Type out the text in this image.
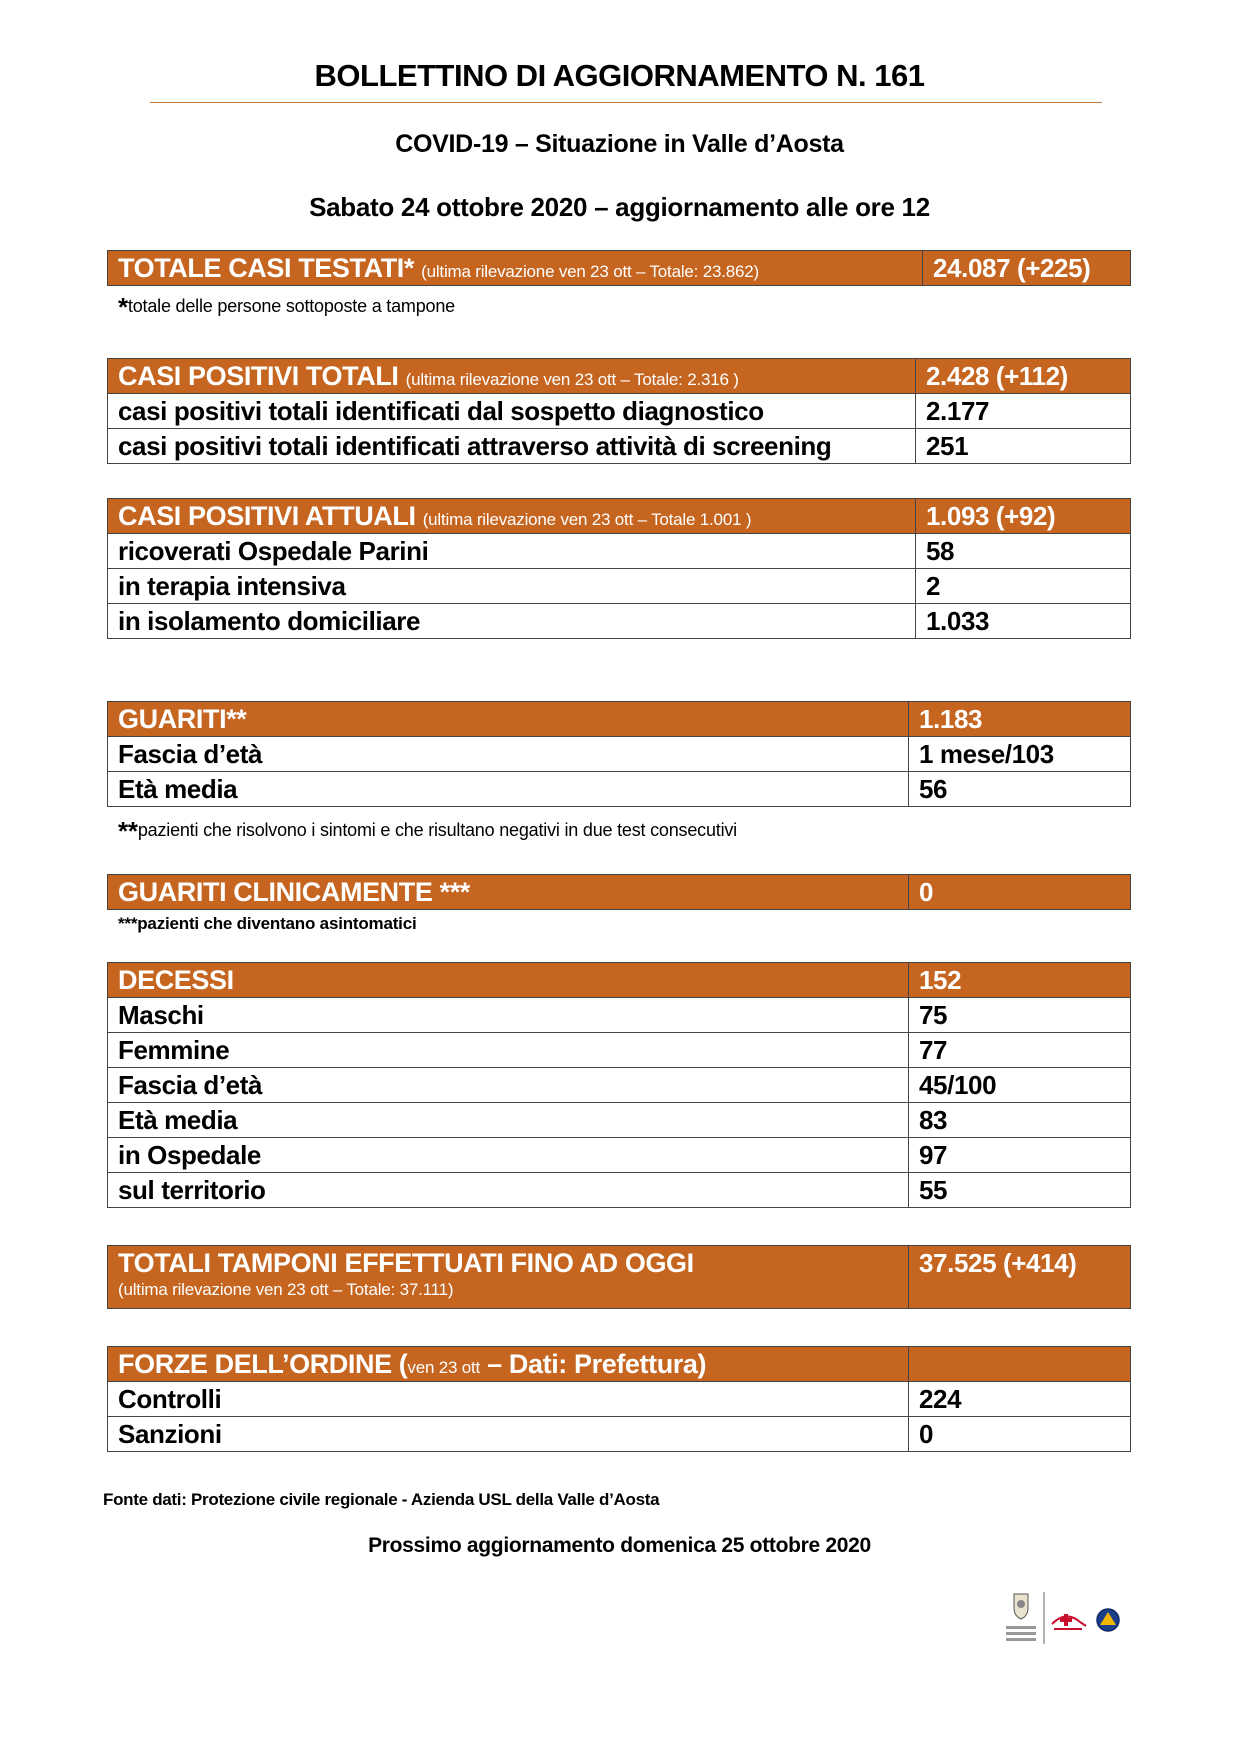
BOLLETTINO DI AGGIORNAMENTO N. 161
COVID-19 – Situazione in Valle d’Aosta
Sabato 24 ottobre 2020 – aggiornamento alle ore 12
TOTALE CASI TESTATI* (ultima rilevazione ven 23 ott – Totale: 23.862)	24.087 (+225)
*totale delle persone sottoposte a tampone
CASI POSITIVI TOTALI (ultima rilevazione ven 23 ott – Totale: 2.316 )	2.428 (+112)
casi positivi totali identificati dal sospetto diagnostico	2.177
casi positivi totali identificati attraverso attività di screening	251
CASI POSITIVI ATTUALI (ultima rilevazione ven 23 ott – Totale 1.001 )	1.093 (+92)
ricoverati Ospedale Parini	58
in terapia intensiva	2
in isolamento domiciliare	1.033
GUARITI**	1.183
Fascia d’età	1 mese/103
Età media	56
**pazienti che risolvono i sintomi e che risultano negativi in due test consecutivi
GUARITI CLINICAMENTE ***	0
***pazienti che diventano asintomatici
DECESSI	152
Maschi	75
Femmine	77
Fascia d’età	45/100
Età media	83
in Ospedale	97
sul territorio	55
TOTALI TAMPONI EFFETTUATI FINO AD OGGI
(ultima rilevazione ven 23 ott – Totale: 37.111)
	37.525 (+414)
FORZE DELL’ORDINE (ven 23 ott – Dati: Prefettura)	
Controlli	224
Sanzioni	0
Fonte dati: Protezione civile regionale - Azienda USL della Valle d’Aosta
Prossimo aggiornamento domenica 25 ottobre 2020
